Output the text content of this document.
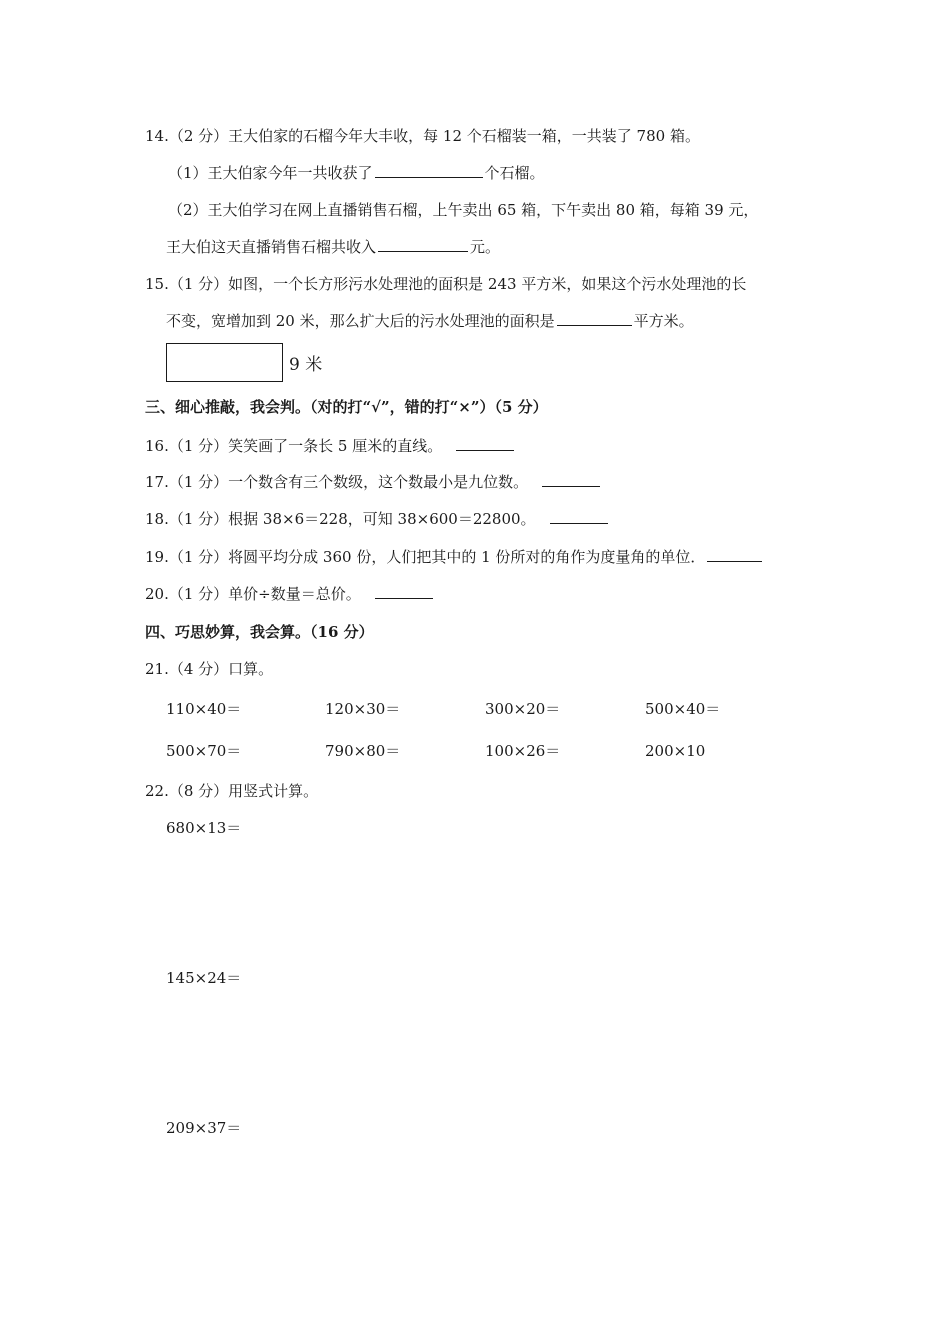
14.（2 分）王大伯家的石榴今年大丰收，每 12 个石榴装一箱，一共装了 780 箱。
（1）王大伯家今年一共收获了	个石榴。
（2）王大伯学习在网上直播销售石榴，上午卖出 65 箱，下午卖出 80 箱，每箱 39 元，
王大伯这天直播销售石榴共收入	元。
15.（1 分）如图，一个长方形污水处理池的面积是 243 平方米，如果这个污水处理池的长
不变，宽增加到 20 米，那么扩大后的污水处理池的面积是	平方米。
9 米
三、细心推敲，我会判。（对的打“√”，错的打“×”）（5 分）
16.（1 分）笑笑画了一条长 5 厘米的直线。
17.（1 分）一个数含有三个数级，这个数最小是九位数。
18.（1 分）根据 38×6＝228，可知 38×600＝22800。
19.（1 分）将圆平均分成 360 份，人们把其中的 1 份所对的角作为度量角的单位．
20.（1 分）单价÷数量＝总价。
四、巧思妙算，我会算。（16 分）
21.（4 分）口算。
110×40＝	120×30＝	300×20＝	500×40＝
500×70＝	790×80＝	100×26＝	200×10
22.（8 分）用竖式计算。
680×13＝
145×24＝
209×37＝
